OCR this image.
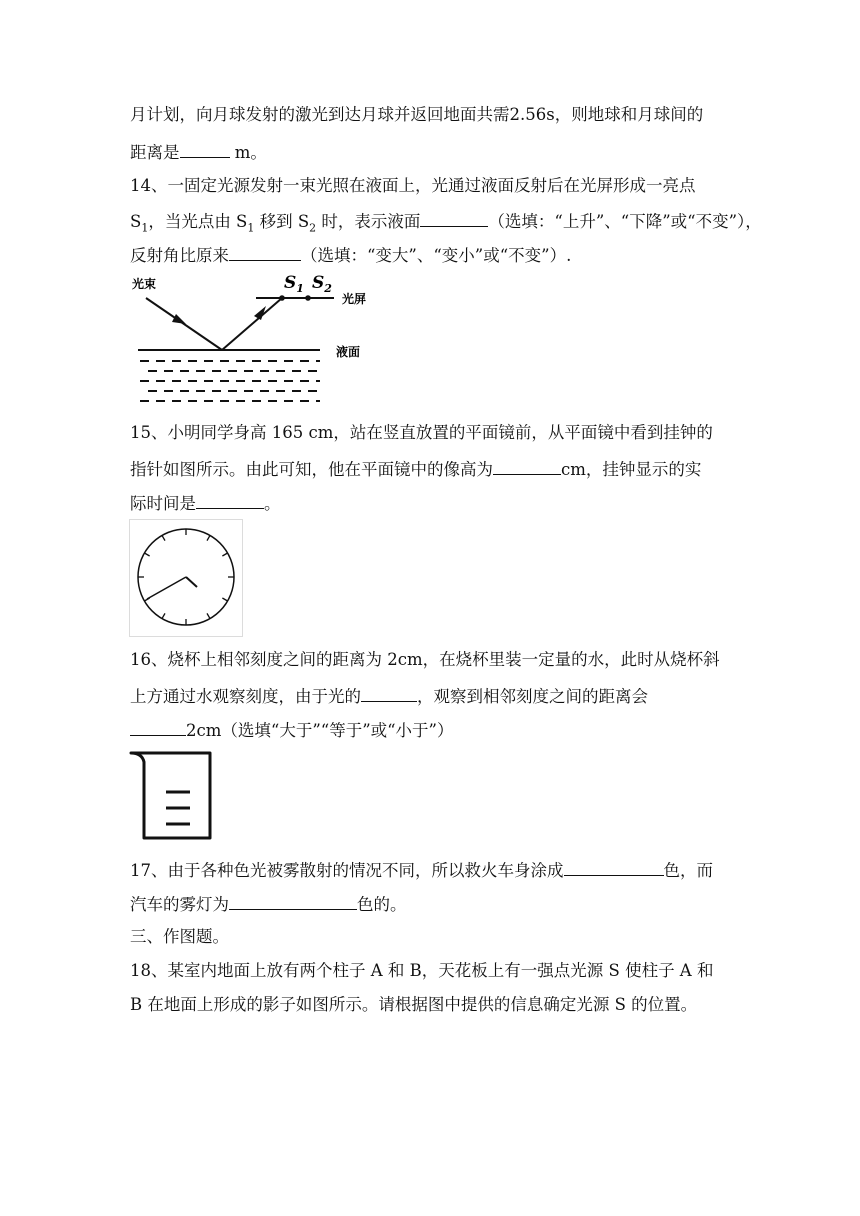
月计划，向月球发射的激光到达月球并返回地面共需2.56s，则地球和月球间的
距离是	m。
14、一固定光源发射一束光照在液面上，光通过液面反射后在光屏形成一亮点
$S_1$，当光点由 $S_1$ 移到 $S_2$ 时，表示液面	（选填：“上升”、“下降”或“不变”），
反射角比原来	（选填：“变大”、“变小”或“不变”）.
光束	$S_1$ $S_2$
光屏
液面
15、小明同学身高 165 cm，站在竖直放置的平面镜前，从平面镜中看到挂钟的
指针如图所示。由此可知，他在平面镜中的像高为	cm，挂钟显示的实
际时间是	。
16、烧杯上相邻刻度之间的距离为 2cm，在烧杯里装一定量的水，此时从烧杯斜
上方通过水观察刻度，由于光的	，观察到相邻刻度之间的距离会
2cm（选填“大于”“等于”或“小于”）
17、由于各种色光被雾散射的情况不同，所以救火车身涂成	色，而
汽车的雾灯为	色的。
三、作图题。
18、某室内地面上放有两个柱子 A 和 B，天花板上有一强点光源 S 使柱子 A 和
B 在地面上形成的影子如图所示。请根据图中提供的信息确定光源 S 的位置。
